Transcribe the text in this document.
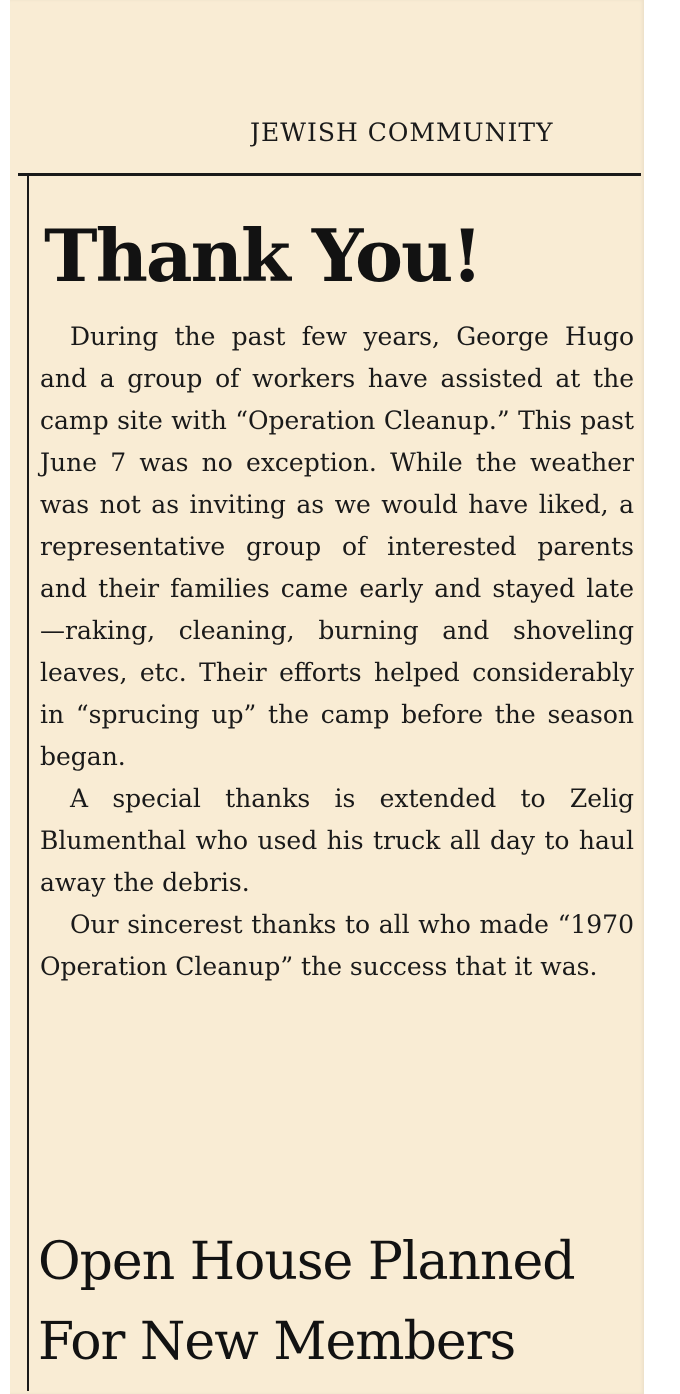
JEWISH COMMUNITY
Thank You!

During the past few years, George Hugo and a group of workers have assisted at the camp site with “Operation Cleanup.” This past June 7 was no exception. While the weather was not as inviting as we would have liked, a representative group of interested parents and their families came early and stayed late—raking, cleaning, burning and shoveling leaves, etc. Their efforts helped considerably in “sprucing up” the camp before the season began.

A special thanks is extended to Zelig Blumenthal who used his truck all day to haul away the debris.

Our sincerest thanks to all who made “1970 Operation Cleanup” the success that it was.

Open House Planned
For New Members
